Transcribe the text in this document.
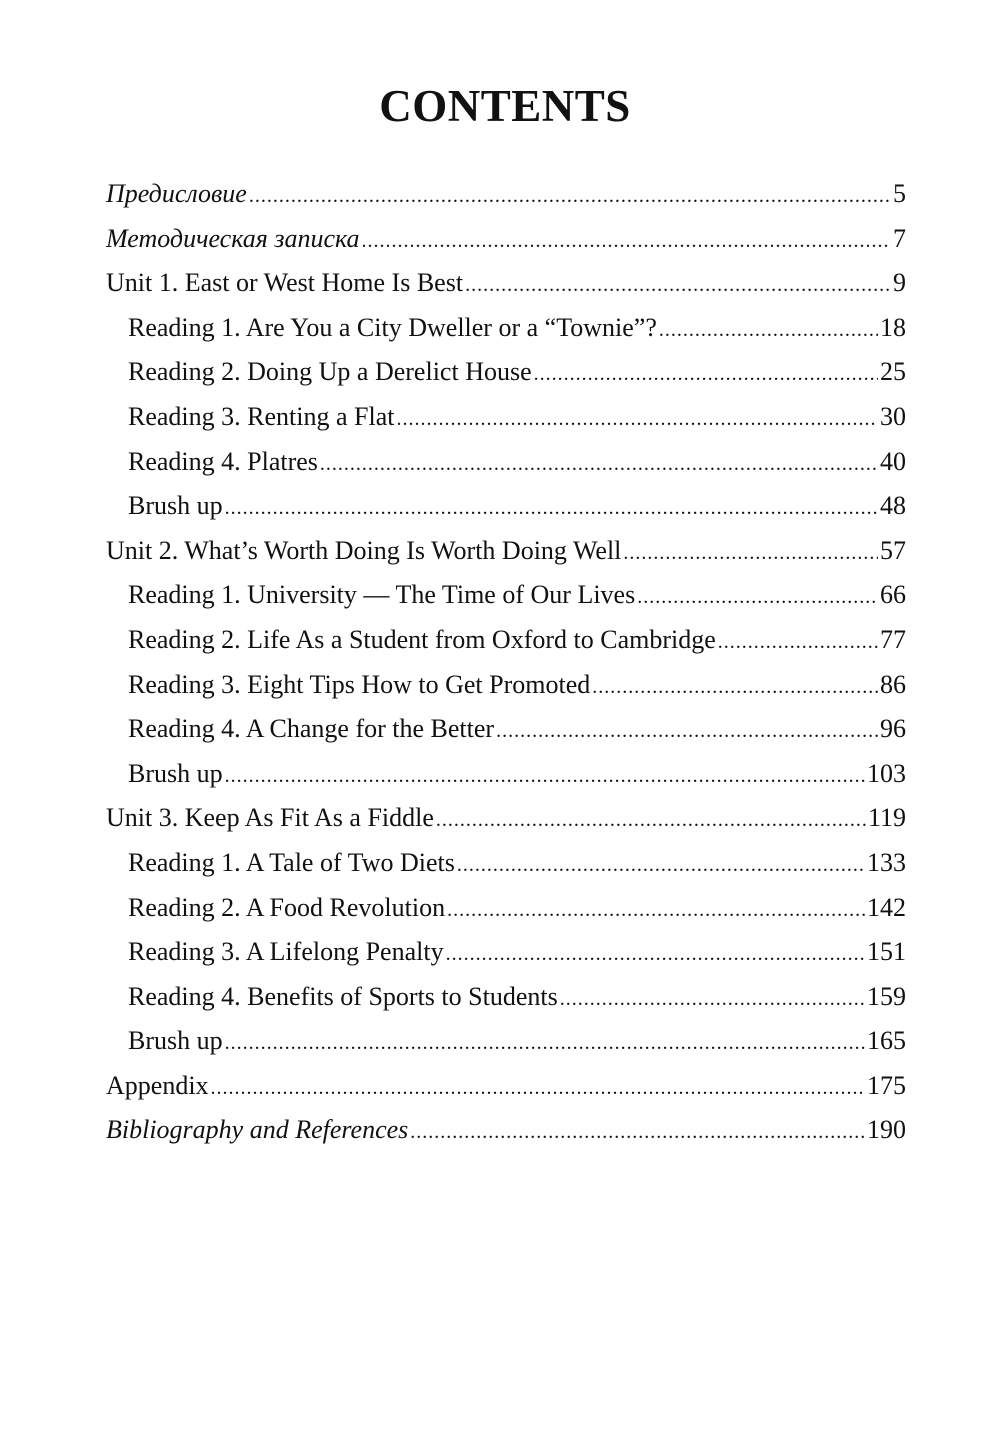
CONTENTS
Предисловие .....	5
Методическая записка .....	7
Unit 1. East or West Home Is Best .....	9
Reading 1. Are You a City Dweller or a “Townie”? .....	18
Reading 2. Doing Up a Derelict House .....	25
Reading 3. Renting a Flat .....	30
Reading 4. Platres .....	40
Brush up .....	48
Unit 2. What’s Worth Doing Is Worth Doing Well .....	57
Reading 1. University — The Time of Our Lives .....	66
Reading 2. Life As a Student from Oxford to Cambridge .....	77
Reading 3. Eight Tips How to Get Promoted .....	86
Reading 4. A Change for the Better .....	96
Brush up .....	103
Unit 3. Keep As Fit As a Fiddle .....	119
Reading 1. A Tale of Two Diets .....	133
Reading 2. A Food Revolution .....	142
Reading 3. A Lifelong Penalty .....	151
Reading 4. Benefits of Sports to Students .....	159
Brush up .....	165
Appendix .....	175
Bibliography and References .....	190
